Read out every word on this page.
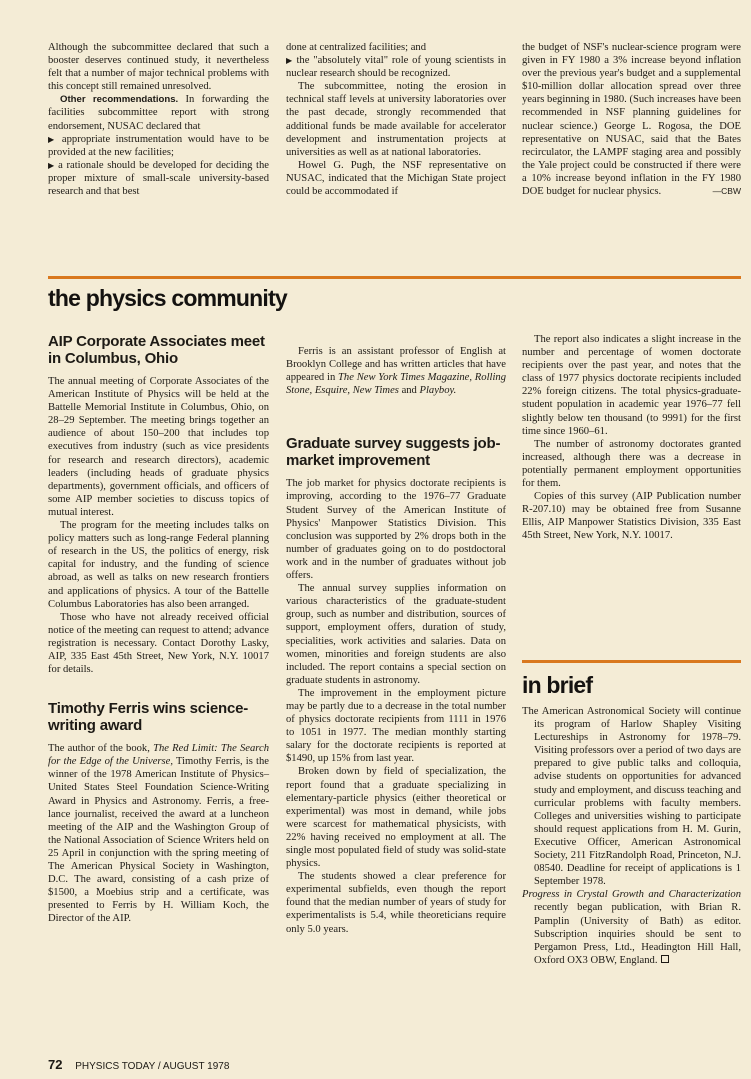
Although the subcommittee declared that such a booster deserves continued study, it nevertheless felt that a number of major technical problems with this concept still remained unresolved.

Other recommendations. In forwarding the facilities subcommittee report with strong endorsement, NUSAC declared that

▶ appropriate instrumentation would have to be provided at the new facilities;

▶ a rationale should be developed for deciding the proper mixture of small-scale university-based research and that best

done at centralized facilities; and

▶ the "absolutely vital" role of young scientists in nuclear research should be recognized.

The subcommittee, noting the erosion in technical staff levels at university laboratories over the past decade, strongly recommended that additional funds be made available for accelerator development and instrumentation projects at universities as well as at national laboratories.

Howel G. Pugh, the NSF representative on NUSAC, indicated that the Michigan State project could be accommodated if

the budget of NSF's nuclear-science program were given in FY 1980 a 3% increase beyond inflation over the previous year's budget and a supplemental $10-million dollar allocation spread over three years beginning in 1980. (Such increases have been recommended in NSF planning guidelines for nuclear science.) George L. Rogosa, the DOE representative on NUSAC, said that the Bates recirculator, the LAMPF staging area and possibly the Yale project could be constructed if there were a 10% increase beyond inflation in the FY 1980 DOE budget for nuclear physics.	—CBW

the physics community
AIP Corporate Associates meet in Columbus, Ohio

The annual meeting of Corporate Associates of the American Institute of Physics will be held at the Battelle Memorial Institute in Columbus, Ohio, on 28–29 September. The meeting brings together an audience of about 150–200 that includes top executives from industry (such as vice presidents for research and research directors), academic leaders (including heads of graduate physics departments), government officials, and officers of some AIP member societies to discuss topics of mutual interest.

The program for the meeting includes talks on policy matters such as long-range Federal planning of research in the US, the politics of energy, risk capital for industry, and the funding of science abroad, as well as talks on new research frontiers and applications of physics. A tour of the Battelle Columbus Laboratories has also been arranged.

Those who have not already received official notice of the meeting can request to attend; advance registration is necessary. Contact Dorothy Lasky, AIP, 335 East 45th Street, New York, N.Y. 10017 for details.

Timothy Ferris wins science-writing award

The author of the book, The Red Limit: The Search for the Edge of the Universe, Timothy Ferris, is the winner of the 1978 American Institute of Physics–United States Steel Foundation Science-Writing Award in Physics and Astronomy. Ferris, a free-lance journalist, received the award at a luncheon meeting of the AIP and the Washington Group of the National Association of Science Writers held on 25 April in conjunction with the spring meeting of The American Physical Society in Washington, D.C. The award, consisting of a cash prize of $1500, a Moebius strip and a certificate, was presented to Ferris by H. William Koch, the Director of the AIP.

Ferris is an assistant professor of English at Brooklyn College and has written articles that have appeared in The New York Times Magazine, Rolling Stone, Esquire, New Times and Playboy.

Graduate survey suggests job-market improvement

The job market for physics doctorate recipients is improving, according to the 1976–77 Graduate Student Survey of the American Institute of Physics' Manpower Statistics Division. This conclusion was supported by 2% drops both in the number of graduates going on to do postdoctoral work and in the number of graduates without job offers.

The annual survey supplies information on various characteristics of the graduate-student group, such as number and distribution, sources of support, employment offers, duration of study, specialities, work activities and salaries. Data on women, minorities and foreign students are also included. The report contains a special section on graduate students in astronomy.

The improvement in the employment picture may be partly due to a decrease in the total number of physics doctorate recipients from 1111 in 1976 to 1051 in 1977. The median monthly starting salary for the doctorate recipients is reported at $1490, up 15% from last year.

Broken down by field of specialization, the report found that a graduate specializing in elementary-particle physics (either theoretical or experimental) was most in demand, while jobs were scarcest for mathematical physicists, with 22% having received no employment at all. The single most populated field of study was solid-state physics.

The students showed a clear preference for experimental subfields, even though the report found that the median number of years of study for experimentalists is 5.4, while theoreticians require only 5.0 years.

The report also indicates a slight increase in the number and percentage of women doctorate recipients over the past year, and notes that the class of 1977 physics doctorate recipients included 22% foreign citizens. The total physics-graduate-student population in academic year 1976–77 fell slightly below ten thousand (to 9991) for the first time since 1960–61.

The number of astronomy doctorates granted increased, although there was a decrease in potentially permanent employment opportunities for them.

Copies of this survey (AIP Publication number R-207.10) may be obtained free from Susanne Ellis, AIP Manpower Statistics Division, 335 East 45th Street, New York, N.Y. 10017.

in brief

The American Astronomical Society will continue its program of Harlow Shapley Visiting Lectureships in Astronomy for 1978–79. Visiting professors over a period of two days are prepared to give public talks and colloquia, advise students on opportunities for advanced study and employment, and discuss teaching and curricular problems with faculty members. Colleges and universities wishing to participate should request applications from H. M. Gurin, Executive Officer, American Astronomical Society, 211 FitzRandolph Road, Princeton, N.J. 08540. Deadline for receipt of applications is 1 September 1978.

Progress in Crystal Growth and Characterization recently began publication, with Brian R. Pamplin (University of Bath) as editor. Subscription inquiries should be sent to Pergamon Press, Ltd., Headington Hill Hall, Oxford OX3 OBW, England.

72 PHYSICS TODAY / AUGUST 1978
